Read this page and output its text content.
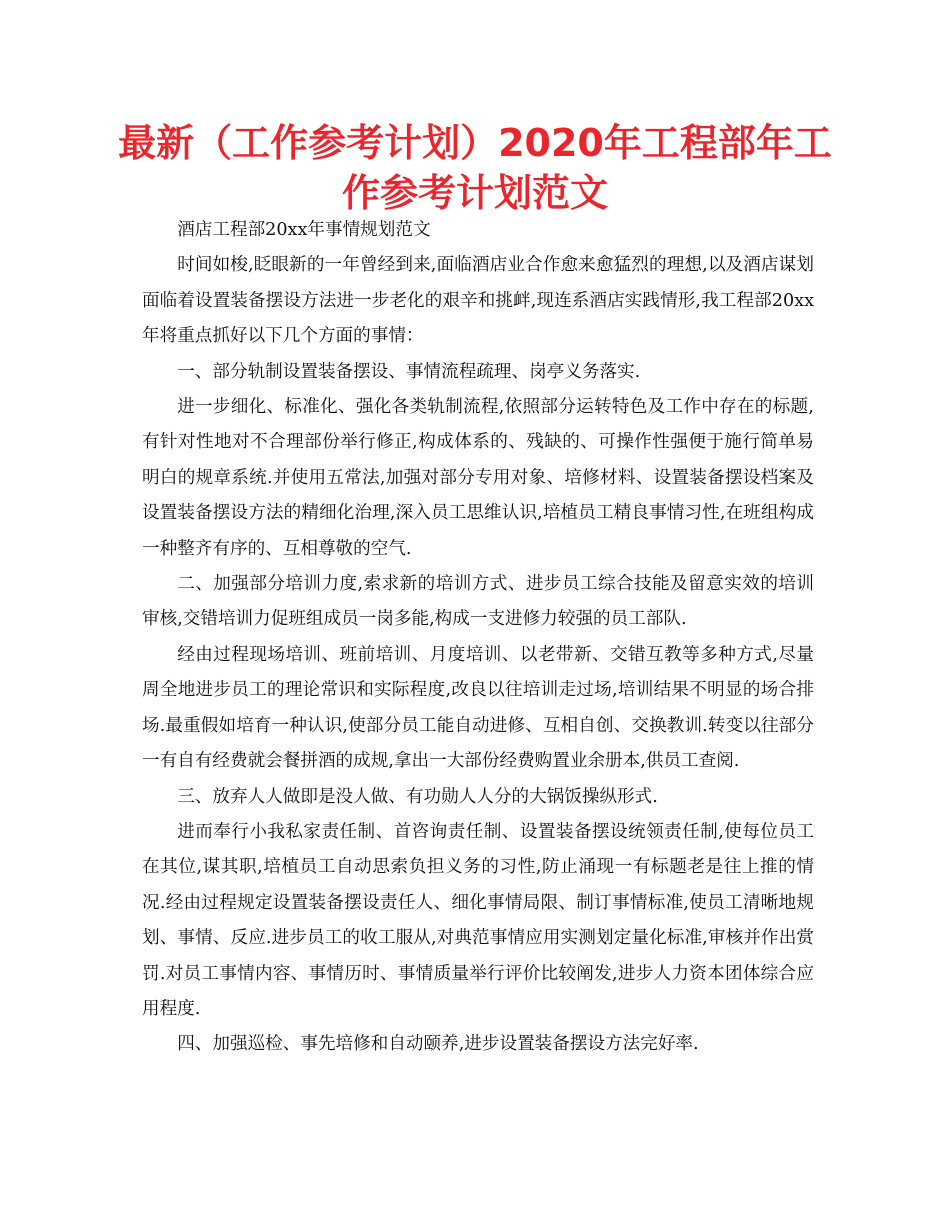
最新（工作参考计划）2020年工程部年工作参考计划范文

酒店工程部20xx年事情规划范文

时间如梭,眨眼新的一年曾经到来,面临酒店业合作愈来愈猛烈的理想,以及酒店谋划面临着设置装备摆设方法进一步老化的艰辛和挑衅,现连系酒店实践情形,我工程部20xx年将重点抓好以下几个方面的事情：

一、部分轨制设置装备摆设、事情流程疏理、岗亭义务落实.

进一步细化、标准化、强化各类轨制流程,依照部分运转特色及工作中存在的标题,有针对性地对不合理部份举行修正,构成体系的、残缺的、可操作性强便于施行简单易明白的规章系统.并使用五常法,加强对部分专用对象、培修材料、设置装备摆设档案及设置装备摆设方法的精细化治理,深入员工思维认识,培植员工精良事情习性,在班组构成一种整齐有序的、互相尊敬的空气.

二、加强部分培训力度,索求新的培训方式、进步员工综合技能及留意实效的培训审核,交错培训力促班组成员一岗多能,构成一支进修力较强的员工部队.

经由过程现场培训、班前培训、月度培训、以老带新、交错互教等多种方式,尽量周全地进步员工的理论常识和实际程度,改良以往培训走过场,培训结果不明显的场合排场.最重假如培育一种认识,使部分员工能自动进修、互相自创、交换教训.转变以往部分一有自有经费就会餐拼酒的成规,拿出一大部份经费购置业余册本,供员工查阅.

三、放弃人人做即是没人做、有功勋人人分的大锅饭操纵形式.

进而奉行小我私家责任制、首咨询责任制、设置装备摆设统领责任制,使每位员工在其位,谋其职,培植员工自动思索负担义务的习性,防止涌现一有标题老是往上推的情况.经由过程规定设置装备摆设责任人、细化事情局限、制订事情标准,使员工清晰地规划、事情、反应.进步员工的收工服从,对典范事情应用实测划定量化标准,审核并作出赏罚.对员工事情内容、事情历时、事情质量举行评价比较阐发,进步人力资本团体综合应用程度.

四、加强巡检、事先培修和自动颐养,进步设置装备摆设方法完好率.
